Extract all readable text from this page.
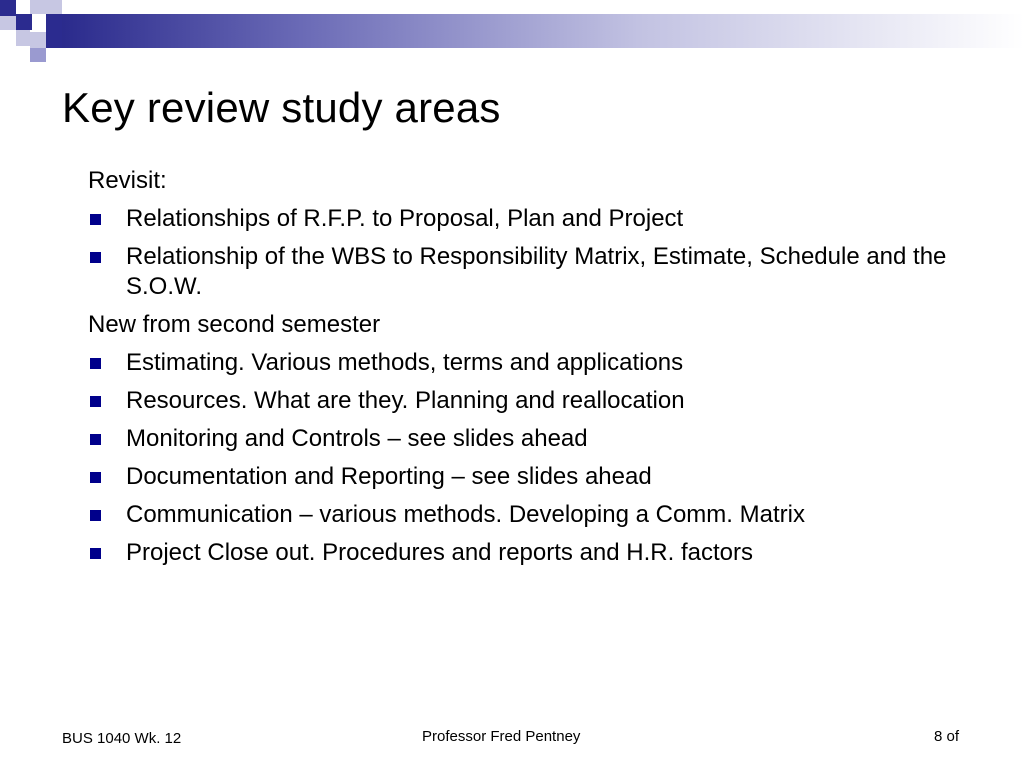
Key review study areas

Revisit:

Relationships of R.F.P. to Proposal, Plan and Project
Relationship of the WBS to Responsibility Matrix, Estimate, Schedule and the S.O.W.

New from second semester

Estimating. Various methods, terms and applications
Resources. What are they. Planning and reallocation
Monitoring and Controls – see slides ahead
Documentation and Reporting – see slides ahead
Communication – various methods. Developing a Comm. Matrix
Project Close out. Procedures and reports and H.R. factors
BUS 1040 Wk. 12	Professor Fred Pentney	8 of
